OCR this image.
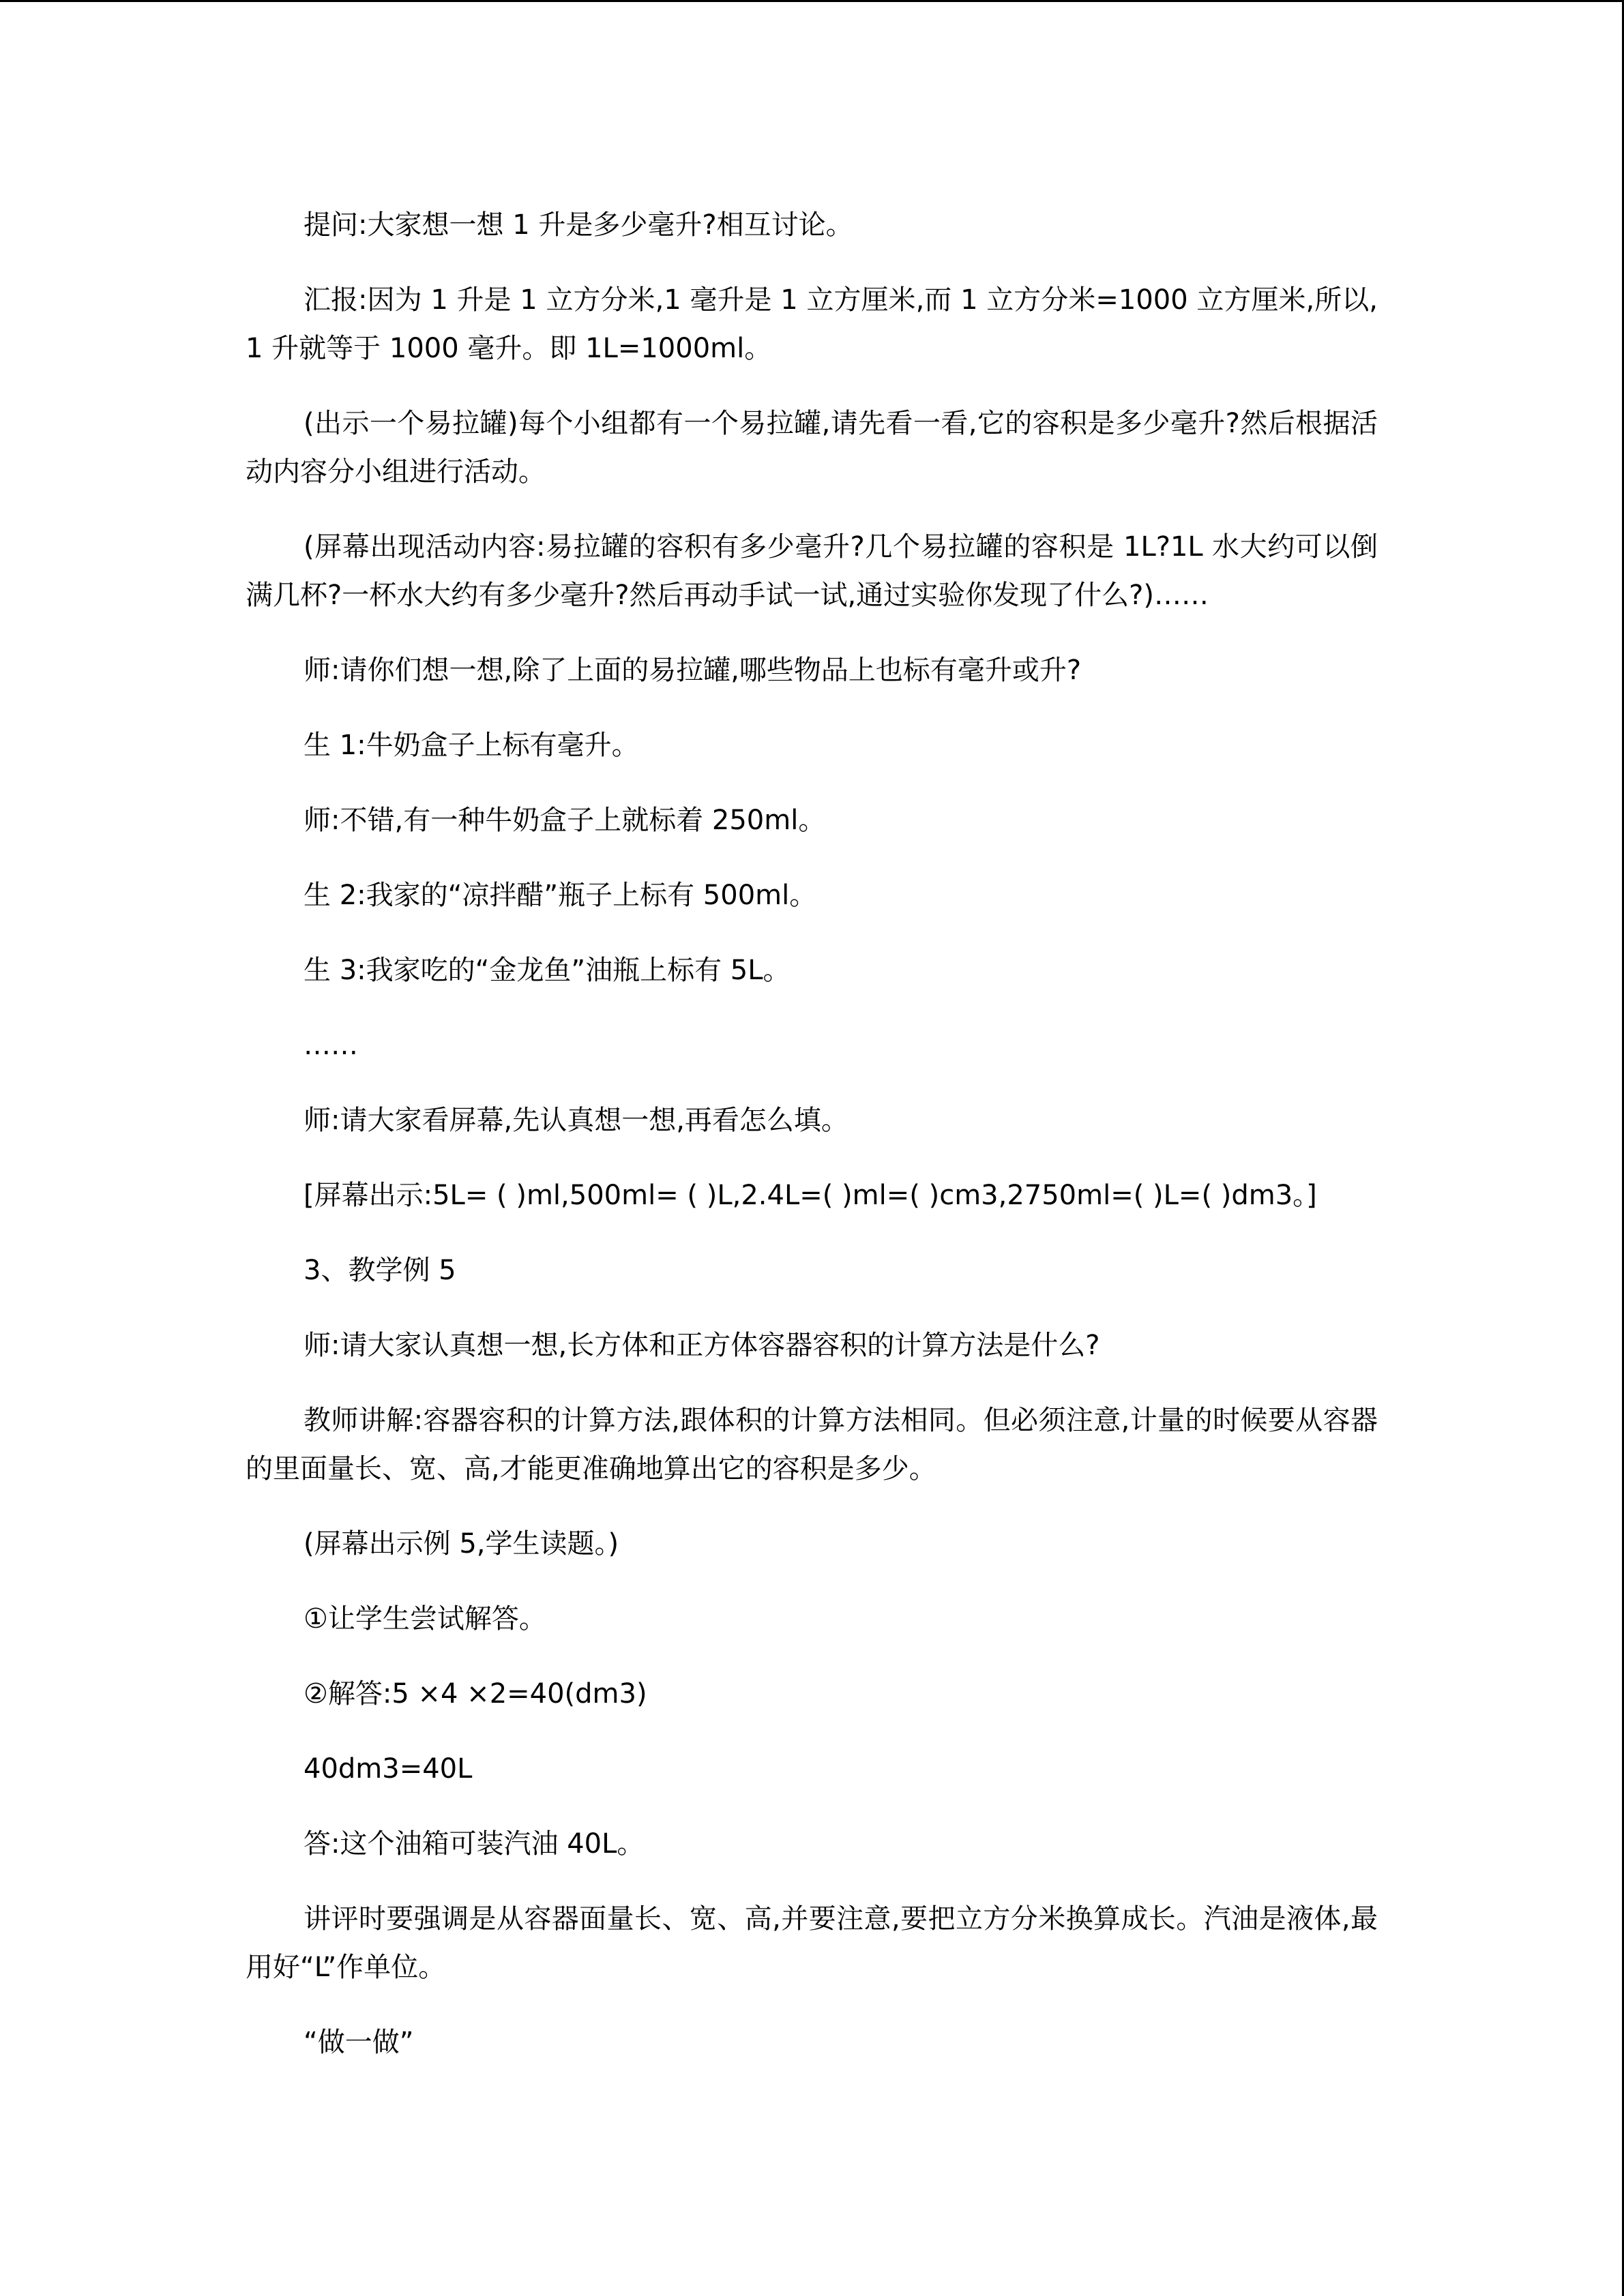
提问:大家想一想 1 升是多少毫升?相互讨论。

汇报:因为 1 升是 1 立方分米,1 毫升是 1 立方厘米,而 1 立方分米=1000 立方厘米,所以,1 升就等于 1000 毫升。即 1L=1000ml。

(出示一个易拉罐)每个小组都有一个易拉罐,请先看一看,它的容积是多少毫升?然后根据活动内容分小组进行活动。

(屏幕出现活动内容:易拉罐的容积有多少毫升?几个易拉罐的容积是 1L?1L 水大约可以倒满几杯?一杯水大约有多少毫升?然后再动手试一试,通过实验你发现了什么?)……

师:请你们想一想,除了上面的易拉罐,哪些物品上也标有毫升或升?

生 1:牛奶盒子上标有毫升。

师:不错,有一种牛奶盒子上就标着 250ml。

生 2:我家的“凉拌醋”瓶子上标有 500ml。

生 3:我家吃的“金龙鱼”油瓶上标有 5L。

……

师:请大家看屏幕,先认真想一想,再看怎么填。

[屏幕出示:5L= ( )ml,500ml= ( )L,2.4L=( )ml=( )cm3,2750ml=( )L=( )dm3。]

3、教学例 5

师:请大家认真想一想,长方体和正方体容器容积的计算方法是什么?

教师讲解:容器容积的计算方法,跟体积的计算方法相同。但必须注意,计量的时候要从容器的里面量长、宽、高,才能更准确地算出它的容积是多少。

(屏幕出示例 5,学生读题。)

①让学生尝试解答。

②解答:5 ×4 ×2=40(dm3)

40dm3=40L

答:这个油箱可装汽油 40L。

讲评时要强调是从容器面量长、宽、高,并要注意,要把立方分米换算成长。汽油是液体,最用好“L”作单位。

“做一做”
